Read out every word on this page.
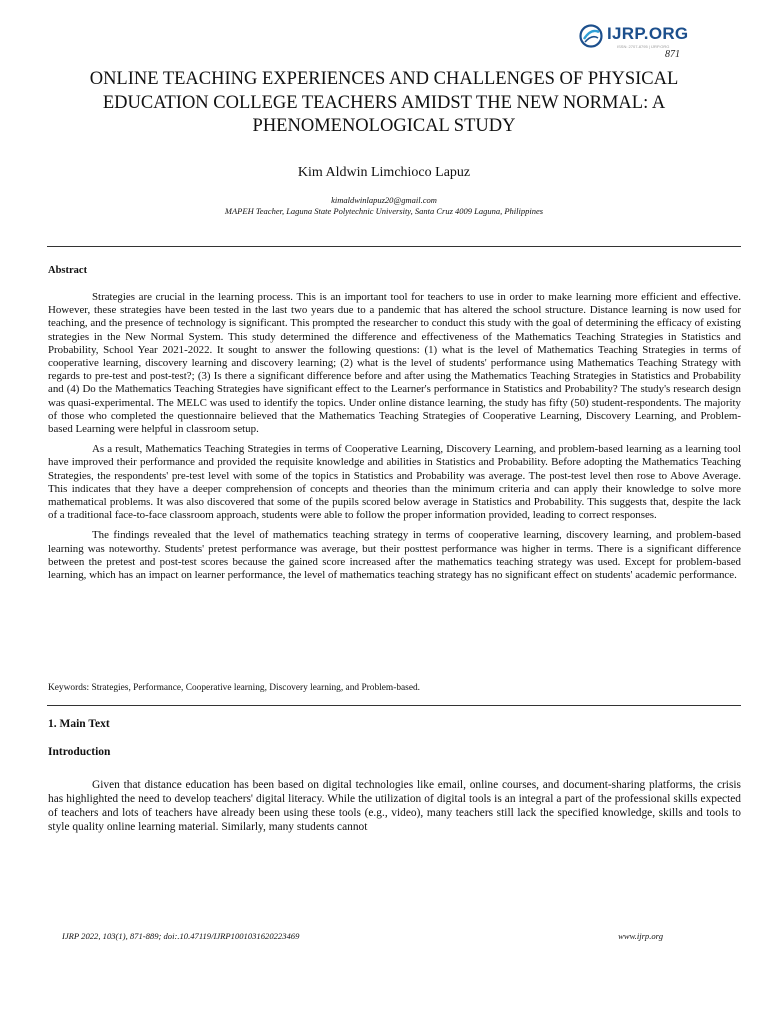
IJRP.ORG
ISSN: 2707-8795 | IJRP.ORG
871
ONLINE TEACHING EXPERIENCES AND CHALLENGES OF PHYSICAL EDUCATION COLLEGE TEACHERS AMIDST THE NEW NORMAL: A PHENOMENOLOGICAL STUDY
Kim Aldwin Limchioco Lapuz
kimaldwinlapuz20@gmail.com
MAPEH Teacher, Laguna State Polytechnic University, Santa Cruz 4009 Laguna, Philippines
Abstract

Strategies are crucial in the learning process. This is an important tool for teachers to use in order to make learning more efficient and effective. However, these strategies have been tested in the last two years due to a pandemic that has altered the school structure. Distance learning is now used for teaching, and the presence of technology is significant. This prompted the researcher to conduct this study with the goal of determining the efficacy of existing strategies in the New Normal System. This study determined the difference and effectiveness of the Mathematics Teaching Strategies in Statistics and Probability, School Year 2021-2022. It sought to answer the following questions: (1) what is the level of Mathematics Teaching Strategies in terms of cooperative learning, discovery learning and discovery learning; (2) what is the level of students' performance using Mathematics Teaching Strategy with regards to pre-test and post-test?; (3) Is there a significant difference before and after using the Mathematics Teaching Strategies in Statistics and Probability and (4) Do the Mathematics Teaching Strategies have significant effect to the Learner's performance in Statistics and Probability? The study's research design was quasi-experimental. The MELC was used to identify the topics. Under online distance learning, the study has fifty (50) student-respondents. The majority of those who completed the questionnaire believed that the Mathematics Teaching Strategies of Cooperative Learning, Discovery Learning, and Problem-based Learning were helpful in classroom setup.

As a result, Mathematics Teaching Strategies in terms of Cooperative Learning, Discovery Learning, and problem-based learning as a learning tool have improved their performance and provided the requisite knowledge and abilities in Statistics and Probability. Before adopting the Mathematics Teaching Strategies, the respondents' pre-test level with some of the topics in Statistics and Probability was average. The post-test level then rose to Above Average. This indicates that they have a deeper comprehension of concepts and theories than the minimum criteria and can apply their knowledge to solve more mathematical problems. It was also discovered that some of the pupils scored below average in Statistics and Probability. This suggests that, despite the lack of a traditional face-to-face classroom approach, students were able to follow the proper information provided, leading to correct responses.

The findings revealed that the level of mathematics teaching strategy in terms of cooperative learning, discovery learning, and problem-based learning was noteworthy. Students' pretest performance was average, but their posttest performance was higher in terms. There is a significant difference between the pretest and post-test scores because the gained score increased after the mathematics teaching strategy was used. Except for problem-based learning, which has an impact on learner performance, the level of mathematics teaching strategy has no significant effect on students' academic performance.

Keywords: Strategies, Performance, Cooperative learning, Discovery learning, and Problem-based.
1. Main Text
Introduction

Given that distance education has been based on digital technologies like email, online courses, and document-sharing platforms, the crisis has highlighted the need to develop teachers' digital literacy. While the utilization of digital tools is an integral a part of the professional skills expected of teachers and lots of teachers have already been using these tools (e.g., video), many teachers still lack the specified knowledge, skills and tools to style quality online learning material. Similarly, many students cannot

IJRP 2022, 103(1), 871-889; doi:.10.47119/IJRP1001031620223469	www.ijrp.org
